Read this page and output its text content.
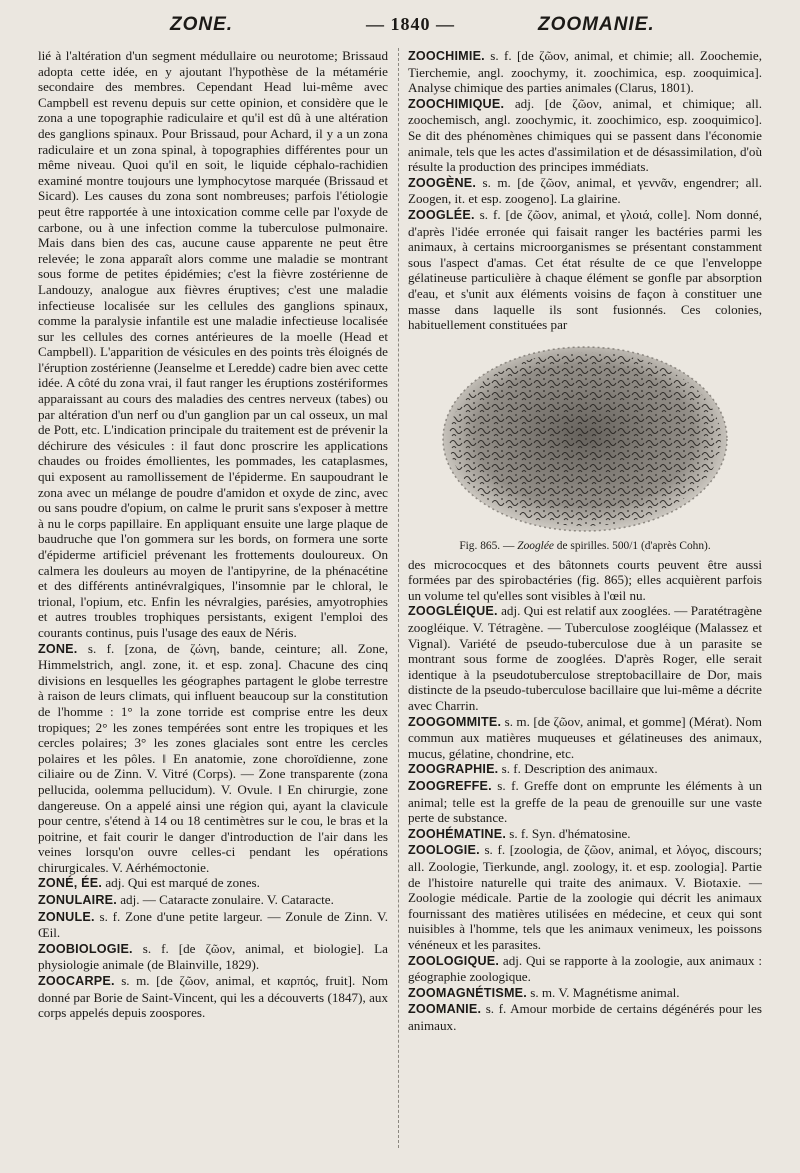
ZONE.	— 1840 —	ZOOMANIE.

lié à l'altération d'un segment médullaire ou neurotome; Brissaud adopta cette idée, en y ajoutant l'hypothèse de la métamérie secondaire des membres. Cependant Head lui-même avec Campbell est revenu depuis sur cette opinion, et considère que le zona a une topographie radiculaire et qu'il est dû à une altération des ganglions spinaux. Pour Brissaud, pour Achard, il y a un zona radiculaire et un zona spinal, à topographies différentes pour un même niveau. Quoi qu'il en soit, le liquide céphalo-rachidien examiné montre toujours une lymphocytose marquée (Brissaud et Sicard). Les causes du zona sont nombreuses; parfois l'étiologie peut être rapportée à une intoxication comme celle par l'oxyde de carbone, ou à une infection comme la tuberculose pulmonaire. Mais dans bien des cas, aucune cause apparente ne peut être relevée; le zona apparaît alors comme une maladie se montrant sous forme de petites épidémies; c'est la fièvre zostérienne de Landouzy, analogue aux fièvres éruptives; c'est une maladie infectieuse localisée sur les cellules des ganglions spinaux, comme la paralysie infantile est une maladie infectieuse localisée sur les cellules des cornes antérieures de la moelle (Head et Campbell). L'apparition de vésicules en des points très éloignés de l'éruption zostérienne (Jeanselme et Leredde) cadre bien avec cette idée. A côté du zona vrai, il faut ranger les éruptions zostériformes apparaissant au cours des maladies des centres nerveux (tabes) ou par altération d'un nerf ou d'un ganglion par un cal osseux, un mal de Pott, etc. L'indication principale du traitement est de prévenir la déchirure des vésicules : il faut donc proscrire les applications chaudes ou froides émollientes, les pommades, les cataplasmes, qui exposent au ramollissement de l'épiderme. En saupoudrant le zona avec un mélange de poudre d'amidon et oxyde de zinc, avec ou sans poudre d'opium, on calme le prurit sans s'exposer à mettre à nu le corps papillaire. En appliquant ensuite une large plaque de baudruche que l'on gommera sur les bords, on formera une sorte d'épiderme artificiel prévenant les frottements douloureux. On calmera les douleurs au moyen de l'antipyrine, de la phénacétine et des différents antinévralgiques, l'insomnie par le chloral, le trional, l'opium, etc. Enfin les névralgies, parésies, amyotrophies et autres troubles trophiques persistants, exigent l'emploi des courants continus, puis l'usage des eaux de Néris.

ZONE. s. f. [zona, de ζώνη, bande, ceinture; all. Zone, Himmelstrich, angl. zone, it. et esp. zona]. Chacune des cinq divisions en lesquelles les géographes partagent le globe terrestre à raison de leurs climats, qui influent beaucoup sur la constitution de l'homme : 1° la zone torride est comprise entre les deux tropiques; 2° les zones tempérées sont entre les tropiques et les cercles polaires; 3° les zones glaciales sont entre les cercles polaires et les pôles. ‖ En anatomie, zone choroïdienne, zone ciliaire ou de Zinn. V. Vitré (Corps). — Zone transparente (zona pellucida, oolemma pellucidum). V. Ovule. ‖ En chirurgie, zone dangereuse. On a appelé ainsi une région qui, ayant la clavicule pour centre, s'étend à 14 ou 18 centimètres sur le cou, le bras et la poitrine, et fait courir le danger d'introduction de l'air dans les veines lorsqu'on ouvre celles-ci pendant les opérations chirurgicales. V. Aérhémoctonie.

ZONÉ, ÉE. adj. Qui est marqué de zones.

ZONULAIRE. adj. — Cataracte zonulaire. V. Cataracte.

ZONULE. s. f. Zone d'une petite largeur. — Zonule de Zinn. V. Œil.

ZOOBIOLOGIE. s. f. [de ζῶον, animal, et biologie]. La physiologie animale (de Blainville, 1829).

ZOOCARPE. s. m. [de ζῶον, animal, et καρπός, fruit]. Nom donné par Borie de Saint-Vincent, qui les a découverts (1847), aux corps appelés depuis zoospores.

ZOOCHIMIE. s. f. [de ζῶον, animal, et chimie; all. Zoochemie, Tierchemie, angl. zoochymy, it. zoochimica, esp. zooquimica]. Analyse chimique des parties animales (Clarus, 1801).

ZOOCHIMIQUE. adj. [de ζῶον, animal, et chimique; all. zoochemisch, angl. zoochymic, it. zoochimico, esp. zooquimico]. Se dit des phénomènes chimiques qui se passent dans l'économie animale, tels que les actes d'assimilation et de désassimilation, d'où résulte la production des principes immédiats.

ZOOGÈNE. s. m. [de ζῶον, animal, et γεννᾶν, engendrer; all. Zoogen, it. et esp. zoogeno]. La glairine.

ZOOGLÉE. s. f. [de ζῶον, animal, et γλοιά, colle]. Nom donné, d'après l'idée erronée qui faisait ranger les bactéries parmi les animaux, à certains microorganismes se présentant constamment sous l'aspect d'amas. Cet état résulte de ce que l'enveloppe gélatineuse particulière à chaque élément se gonfle par absorption d'eau, et s'unit aux éléments voisins de façon à constituer une masse dans laquelle ils sont fusionnés. Ces colonies, habituellement constituées par

Fig. 865. — Zooglée de spirilles. 500/1 (d'après Cohn).

des micrococques et des bâtonnets courts peuvent être aussi formées par des spirobactéries (fig. 865); elles acquièrent parfois un volume tel qu'elles sont visibles à l'œil nu.

ZOOGLÉIQUE. adj. Qui est relatif aux zooglées. — Paratétragène zoogléique. V. Tétragène. — Tuberculose zoogléique (Malassez et Vignal). Variété de pseudo-tuberculose due à un parasite se montrant sous forme de zooglées. D'après Roger, elle serait identique à la pseudotuberculose streptobacillaire de Dor, mais distincte de la pseudo-tuberculose bacillaire que lui-même a décrite avec Charrin.

ZOOGOMMITE. s. m. [de ζῶον, animal, et gomme] (Mérat). Nom commun aux matières muqueuses et gélatineuses des animaux, mucus, gélatine, chondrine, etc.

ZOOGRAPHIE. s. f. Description des animaux.

ZOOGREFFE. s. f. Greffe dont on emprunte les éléments à un animal; telle est la greffe de la peau de grenouille sur une vaste perte de substance.

ZOOHÉMATINE. s. f. Syn. d'hématosine.

ZOOLOGIE. s. f. [zoologia, de ζῶον, animal, et λόγος, discours; all. Zoologie, Tierkunde, angl. zoology, it. et esp. zoologia]. Partie de l'histoire naturelle qui traite des animaux. V. Biotaxie. — Zoologie médicale. Partie de la zoologie qui décrit les animaux fournissant des matières utilisées en médecine, et ceux qui sont nuisibles à l'homme, tels que les animaux venimeux, les poissons vénéneux et les parasites.

ZOOLOGIQUE. adj. Qui se rapporte à la zoologie, aux animaux : géographie zoologique.

ZOOMAGNÉTISME. s. m. V. Magnétisme animal.

ZOOMANIE. s. f. Amour morbide de certains dégénérés pour les animaux.
